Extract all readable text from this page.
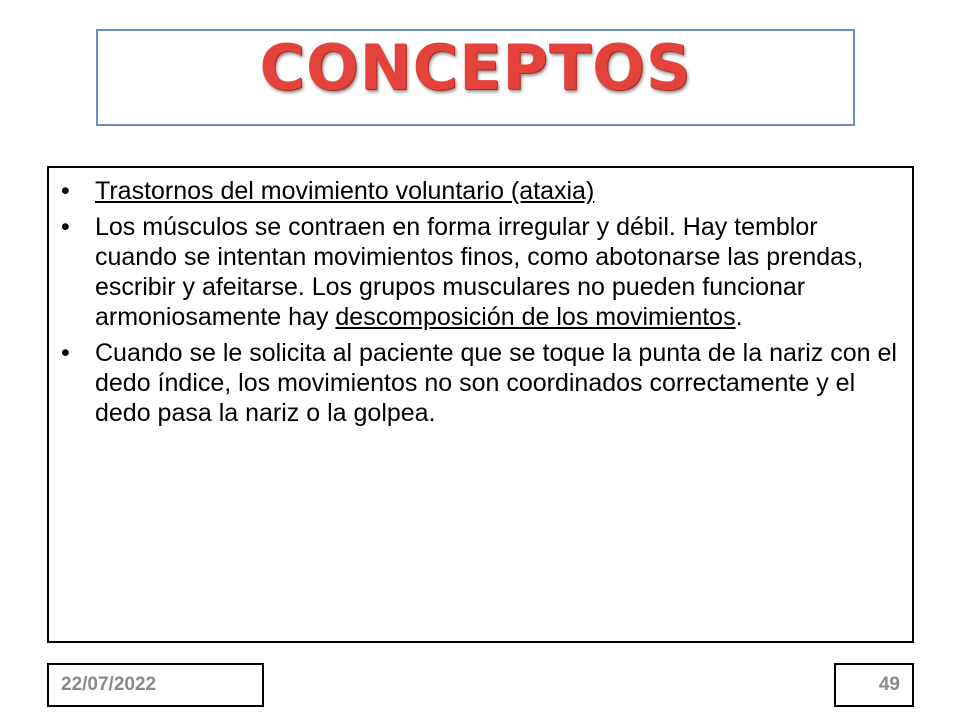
CONCEPTOS
• Trastornos del movimiento voluntario (ataxia)
• Los músculos se contraen en forma irregular y débil. Hay temblor cuando se intentan movimientos finos, como abotonarse las prendas, escribir y afeitarse. Los grupos musculares no pueden funcionar armoniosamente hay descomposición de los movimientos.
• Cuando se le solicita al paciente que se toque la punta de la nariz con el dedo índice, los movimientos no son coordinados correctamente y el dedo pasa la nariz o la golpea.
22/07/2022	49
